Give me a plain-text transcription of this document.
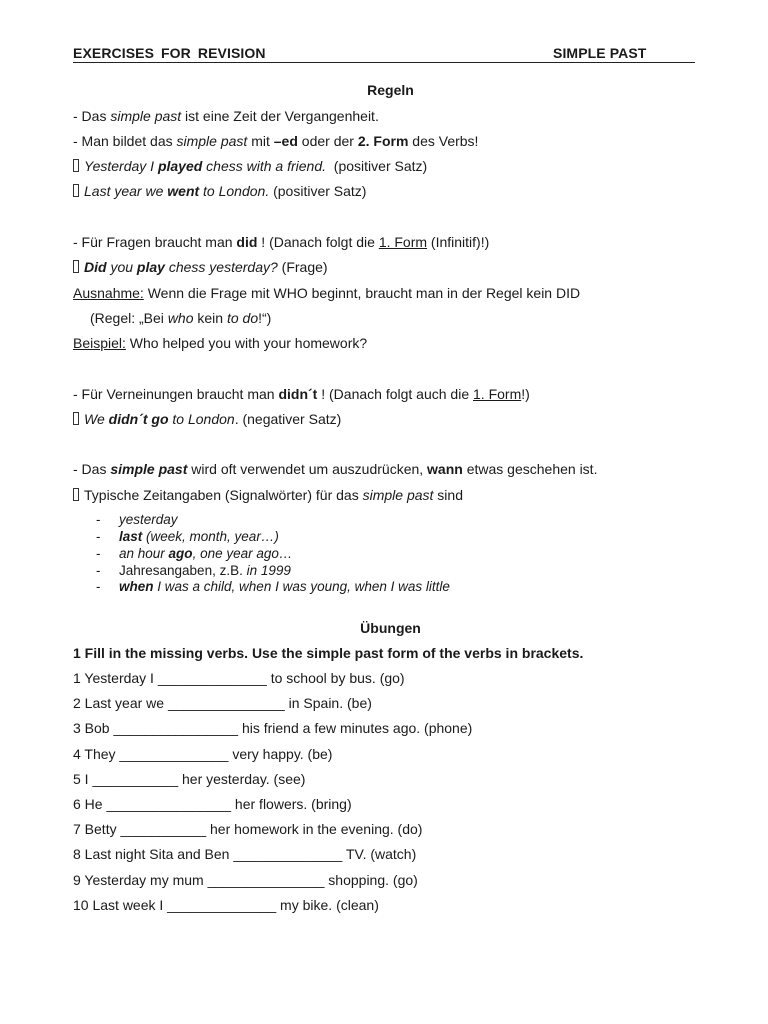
EXERCISES FOR REVISION	SIMPLE PAST
Regeln
- Das simple past ist eine Zeit der Vergangenheit.
- Man bildet das simple past mit –ed oder der 2. Form des Verbs!
Yesterday I played chess with a friend.  (positiver Satz)
Last year we went to London. (positiver Satz)
- Für Fragen braucht man did ! (Danach folgt die 1. Form (Infinitif)!)
Did you play chess yesterday? (Frage)
Ausnahme: Wenn die Frage mit WHO beginnt, braucht man in der Regel kein DID
(Regel: „Bei who kein to do!“)
Beispiel: Who helped you with your homework?
- Für Verneinungen braucht man didn´t ! (Danach folgt auch die 1. Form!)
We didn´t go to London. (negativer Satz)
- Das simple past wird oft verwendet um auszudrücken, wann etwas geschehen ist.
Typische Zeitangaben (Signalwörter) für das simple past sind
- yesterday
- last (week, month, year…)
- an hour ago, one year ago…
- Jahresangaben, z.B. in 1999
- when I was a child, when I was young, when I was little
Übungen
1 Fill in the missing verbs. Use the simple past form of the verbs in brackets.
1 Yesterday I ______________ to school by bus. (go)
2 Last year we _______________ in Spain. (be)
3 Bob ________________ his friend a few minutes ago. (phone)
4 They ______________ very happy. (be)
5 I ___________ her yesterday. (see)
6 He ________________ her flowers. (bring)
7 Betty ___________ her homework in the evening. (do)
8 Last night Sita and Ben ______________ TV. (watch)
9 Yesterday my mum _______________ shopping. (go)
10 Last week I ______________ my bike. (clean)
